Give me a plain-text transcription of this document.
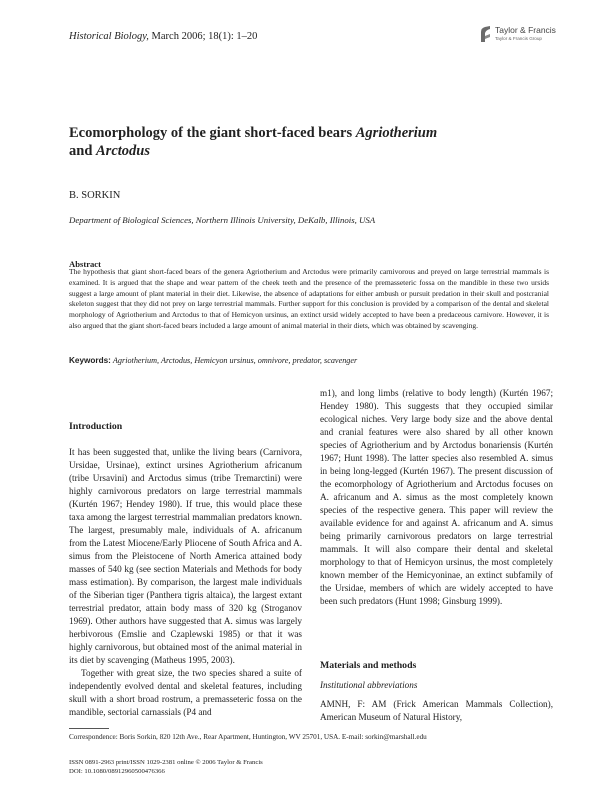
Historical Biology, March 2006; 18(1): 1–20
Taylor & Francis
Taylor & Francis Group
Ecomorphology of the giant short-faced bears Agriotherium
and Arctodus
B. SORKIN
Department of Biological Sciences, Northern Illinois University, DeKalb, Illinois, USA
Abstract
The hypothesis that giant short-faced bears of the genera Agriotherium and Arctodus were primarily carnivorous and preyed on large terrestrial mammals is examined. It is argued that the shape and wear pattern of the cheek teeth and the presence of the premasseteric fossa on the mandible in these two ursids suggest a large amount of plant material in their diet. Likewise, the absence of adaptations for either ambush or pursuit predation in their skull and postcranial skeleton suggest that they did not prey on large terrestrial mammals. Further support for this conclusion is provided by a comparison of the dental and skeletal morphology of Agriotherium and Arctodus to that of Hemicyon ursinus, an extinct ursid widely accepted to have been a predaceous carnivore. However, it is also argued that the giant short-faced bears included a large amount of animal material in their diets, which was obtained by scavenging.
Keywords: Agriotherium, Arctodus, Hemicyon ursinus, omnivore, predator, scavenger
Introduction

It has been suggested that, unlike the living bears (Carnivora, Ursidae, Ursinae), extinct ursines Agriotherium africanum (tribe Ursavini) and Arctodus simus (tribe Tremarctini) were highly carnivorous predators on large terrestrial mammals (Kurtén 1967; Hendey 1980). If true, this would place these taxa among the largest terrestrial mammalian predators known. The largest, presumably male, individuals of A. africanum from the Latest Miocene/Early Pliocene of South Africa and A. simus from the Pleistocene of North America attained body masses of 540 kg (see section Materials and Methods for body mass estimation). By comparison, the largest male individuals of the Siberian tiger (Panthera tigris altaica), the largest extant terrestrial predator, attain body mass of 320 kg (Stroganov 1969). Other authors have suggested that A. simus was largely herbivorous (Emslie and Czaplewski 1985) or that it was highly carnivorous, but obtained most of the animal material in its diet by scavenging (Matheus 1995, 2003).

Together with great size, the two species shared a suite of independently evolved dental and skeletal features, including skull with a short broad rostrum, a premasseteric fossa on the mandible, sectorial carnassials (P4 and

m1), and long limbs (relative to body length) (Kurtén 1967; Hendey 1980). This suggests that they occupied similar ecological niches. Very large body size and the above dental and cranial features were also shared by all other known species of Agriotherium and by Arctodus bonariensis (Kurtén 1967; Hunt 1998). The latter species also resembled A. simus in being long-legged (Kurtén 1967). The present discussion of the ecomorphology of Agriotherium and Arctodus focuses on A. africanum and A. simus as the most completely known species of the respective genera. This paper will review the available evidence for and against A. africanum and A. simus being primarily carnivorous predators on large terrestrial mammals. It will also compare their dental and skeletal morphology to that of Hemicyon ursinus, the most completely known member of the Hemicyoninae, an extinct subfamily of the Ursidae, members of which are widely accepted to have been such predators (Hunt 1998; Ginsburg 1999).

Materials and methods
Institutional abbreviations

AMNH, F: AM (Frick American Mammals Collection), American Museum of Natural History,

Correspondence: Boris Sorkin, 820 12th Ave., Rear Apartment, Huntington, WV 25701, USA. E-mail: sorkin@marshall.edu
ISSN 0891-2963 print/ISSN 1029-2381 online © 2006 Taylor & Francis
DOI: 10.1080/08912960500476366
